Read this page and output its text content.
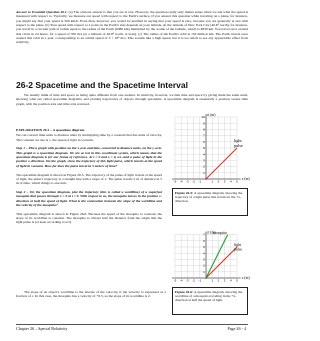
Answer to Essential Question 26.1: (a) The obvious answer is that you are at rest. However, the question really only makes sense when we ask what the speed is measured with respect to. Typically, we measure our speed with respect to the Earth's surface. If you answer this question while traveling on a plane, for instance, you might say that your speed is 500 km/h. Even then, however, you would be justified in saying that your speed is zero, because you are generally at rest with respect to the plane. (b) Your speed with respect to a point on the Earth's axis depends on your latitude. At the latitude of New York City (40.8° north), for instance, you travel in a circular path of radius equal to the radius of the Earth (6380 km) multiplied by the cosine of the latitude, which is 4830 km. You travel once around this circle in 24 hours, for a speed of 350 m/s (at a latitude of 40.8° north, at least). (c) The radius of the Earth's orbit is 150 million km. The Earth travels once around this orbit in a year, corresponding to an orbital speed of 3 × 10⁴ m/s. This sounds like a high speed, but it is too small to see any appreciable effect from relativity.
26-2 Spacetime and the Spacetime Interval
We usually think of time and space as being quite different from one another. In relativity, however, we link time and space by giving them the same units, showing what are called spacetime diagrams, and plotting trajectories of objects through spacetime. A spacetime diagram is essentially a position versus time graph, with the position axis and time axis reversed.

EXPLORATION 26.2 – A spacetime diagram

We can convert time units to distance units by multiplying time by a constant that has units of velocity. The constant we use is c, the speed of light in vacuum.

Step 1 – Plot a graph with position on the x-axis and time, converted to distance units, on the y-axis. This graph is a spacetime diagram. We are at rest in this coordinate system, which means that the spacetime diagram is for our frame of reference. At t = 0 and x = 0, we send a pulse of light in the positive x-direction. On the graph, show the trajectory of this light pulse, which travels at the speed of light in vacuum. How far does the pulse travel in 5 meters of time?

The spacetime diagram is shown in Figure 26.5. The trajectory of the pulse of light travels at the speed of light, the pulse's trajectory is a straight line with a slope of 1. The pulse travels 5 m of distance in 5 m of time, which things to one unit.

Step 2 – On the spacetime diagram, plot the trajectory (this is called a worldline) of a superfast mosquito that passes through x = 0 at t = 0. With respect to us, the mosquito moves in the positive x-direction at half the speed of light. What is the connection between the slope of the worldline and the velocity of the mosquito?

This spacetime diagram is shown in Figure 26.6. Because the speed of the mosquito is constant, the slope of its worldline is constant. The mosquito is always half the distance from the origin that the light pulse is (at least according to us!).

The slope of an object's worldline is the inverse of the velocity, if the velocity is expressed as a fraction of c. In this case, the mosquito has a velocity of +0.5, so the slope of its worldline is 2.
10
9
8
7
6
5
4
3
2
1
-5 -4 -3 -2 -1	1 2 3 4 5
ct (m)
x (m)
light
pulse
Figure 26-5: A spacetime diagram, showing the trajectory of a light pulse that travels in the +x-direction.
7
6
5
4
3
2
1
-5 -4 -3 -2 -1	1 2 3 4 5
ct (m)
x (m)
mosquito
light
pulse
Figure 26-6: A spacetime diagram, showing the worldline of a mosquito traveling in the +x-direction at half the speed of light.
Chapter 26 – Special Relativity	Page 26 - 4
